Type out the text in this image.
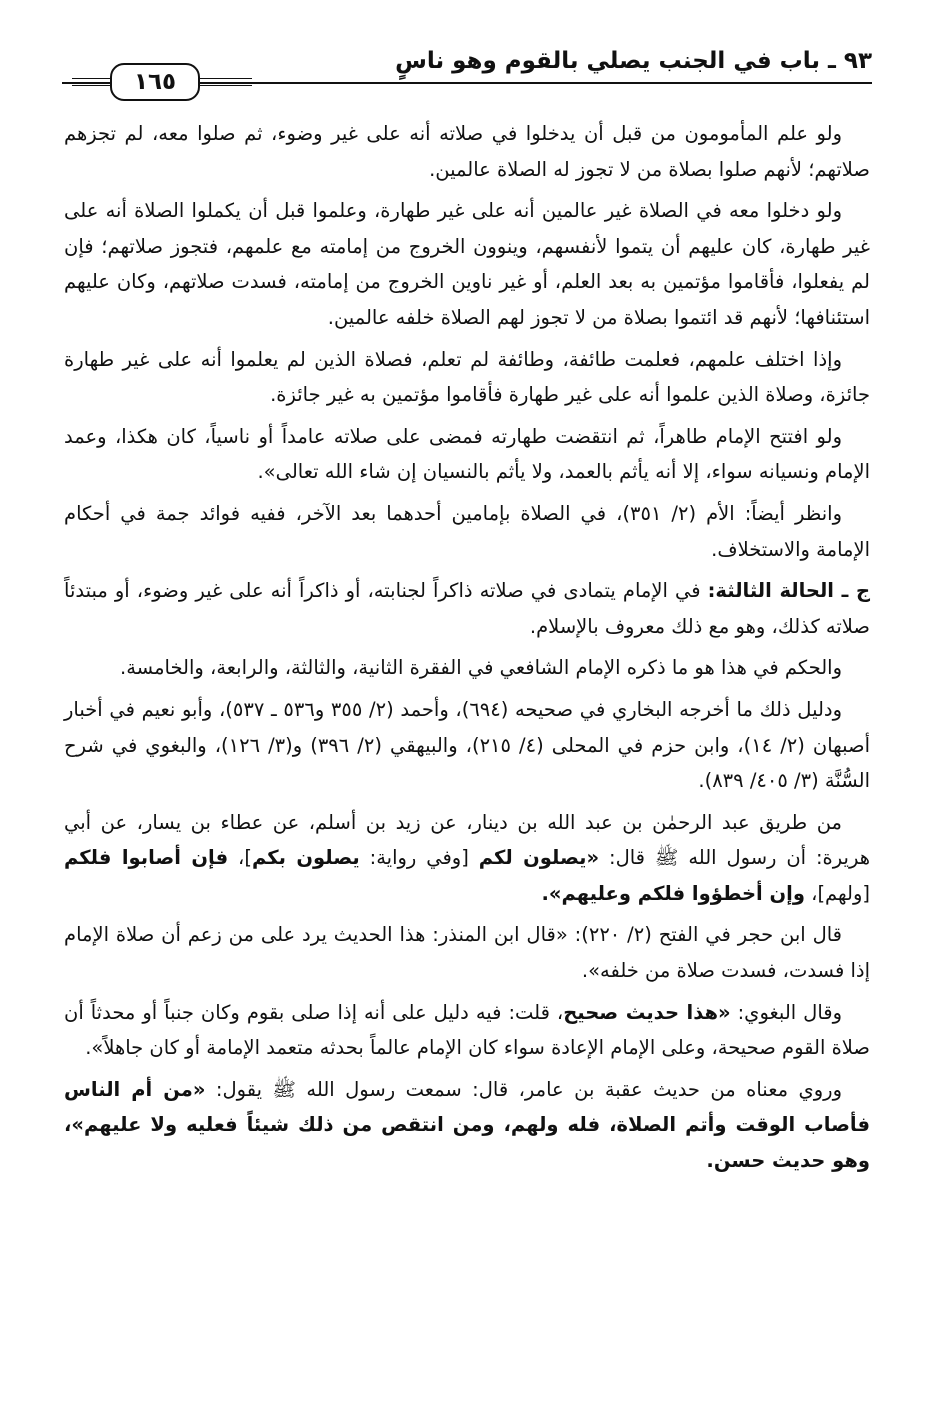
٩٣ ـ باب في الجنب يصلي بالقوم وهو ناسٍ
١٦٥

ولو علم المأمومون من قبل أن يدخلوا في صلاته أنه على غير وضوء، ثم صلوا معه، لم تجزهم صلاتهم؛ لأنهم صلوا بصلاة من لا تجوز له الصلاة عالمين.

ولو دخلوا معه في الصلاة غير عالمين أنه على غير طهارة، وعلموا قبل أن يكملوا الصلاة أنه على غير طهارة، كان عليهم أن يتموا لأنفسهم، وينوون الخروج من إمامته مع علمهم، فتجوز صلاتهم؛ فإن لم يفعلوا، فأقاموا مؤتمين به بعد العلم، أو غير ناوين الخروج من إمامته، فسدت صلاتهم، وكان عليهم استئنافها؛ لأنهم قد ائتموا بصلاة من لا تجوز لهم الصلاة خلفه عالمين.

وإذا اختلف علمهم، فعلمت طائفة، وطائفة لم تعلم، فصلاة الذين لم يعلموا أنه على غير طهارة جائزة، وصلاة الذين علموا أنه على غير طهارة فأقاموا مؤتمين به غير جائزة.

ولو افتتح الإمام طاهراً، ثم انتقضت طهارته فمضى على صلاته عامداً أو ناسياً، كان هكذا، وعمد الإمام ونسيانه سواء، إلا أنه يأثم بالعمد، ولا يأثم بالنسيان إن شاء الله تعالى».

وانظر أيضاً: الأم (٢/ ٣٥١)، في الصلاة بإمامين أحدهما بعد الآخر، ففيه فوائد جمة في أحكام الإمامة والاستخلاف.

ج ـ الحالة الثالثة: في الإمام يتمادى في صلاته ذاكراً لجنابته، أو ذاكراً أنه على غير وضوء، أو مبتدئاً صلاته كذلك، وهو مع ذلك معروف بالإسلام.

والحكم في هذا هو ما ذكره الإمام الشافعي في الفقرة الثانية، والثالثة، والرابعة، والخامسة.

ودليل ذلك ما أخرجه البخاري في صحيحه (٦٩٤)، وأحمد (٢/ ٣٥٥ و٥٣٦ ـ ٥٣٧)، وأبو نعيم في أخبار أصبهان (٢/ ١٤)، وابن حزم في المحلى (٤/ ٢١٥)، والبيهقي (٢/ ٣٩٦) و(٣/ ١٢٦)، والبغوي في شرح السُّنَّة (٣/ ٤٠٥/ ٨٣٩).

من طريق عبد الرحمٰن بن عبد الله بن دينار، عن زيد بن أسلم، عن عطاء بن يسار، عن أبي هريرة: أن رسول الله ﷺ قال: «يصلون لكم [وفي رواية: يصلون بكم]، فإن أصابوا فلكم [ولهم]، وإن أخطؤوا فلكم وعليهم».

قال ابن حجر في الفتح (٢/ ٢٢٠): «قال ابن المنذر: هذا الحديث يرد على من زعم أن صلاة الإمام إذا فسدت، فسدت صلاة من خلفه».

وقال البغوي: «هذا حديث صحيح، قلت: فيه دليل على أنه إذا صلى بقوم وكان جنباً أو محدثاً أن صلاة القوم صحيحة، وعلى الإمام الإعادة سواء كان الإمام عالماً بحدثه متعمد الإمامة أو كان جاهلاً».

وروي معناه من حديث عقبة بن عامر، قال: سمعت رسول الله ﷺ يقول: «من أم الناس فأصاب الوقت وأتم الصلاة، فله ولهم، ومن انتقص من ذلك شيئاً فعليه ولا عليهم»، وهو حديث حسن.
